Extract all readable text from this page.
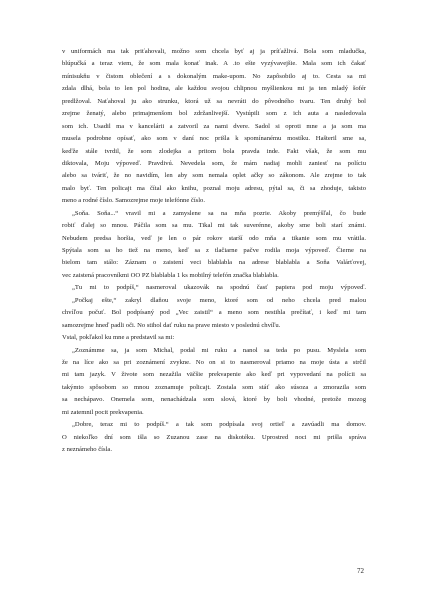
v uniformách ma tak priťahovali, možno som chcela byť aj ja príťažlivá. Bola som mladučka,
blúpučká a teraz viem, že som mala konať inak. A .to ešte vyzývavejšie. Mala som ich čakať
mínisukňu v čistom oblečení a s dokonalým make-upom. No zapôsobilo aj to. Cesta sa mi
zdala dlhá, bola to len pol hodina, ale každou svojou chlipnou myšlienkou mi ja ten mladý šofér
predlžoval. Naťahoval ju ako strunku, ktorá už sa nevráti do pôvodného tvaru. Ten druhý bol
zrejme ženatý, alebo primajmenšom bol zdržanlivejší. Vystúpili som z ich auta a nasledovala
som ich. Usadil ma v kancelárii a zatvoril za nami dvere. Sadol si oproti mne a ja som ma
musela podrobne opísať, ako som v daní noc prišla k spomínanému mostíku. Hašteril sme sa,
keďže stále tvrdil, že som zlodejka a pritom bola pravda inde. Fakt však, že som mu
diktovala, Moju výpoveď. Pravdivú. Nevedela som, že mám nadiaj mohli zaniesť na políciu
alebo sa tváriť, že no navidím, len aby som nemala oplet ačky so zákonom. Ale zrejme to tak
malo byť. Ten policajt ma čítal ako knihu, poznal moju adresu, pýtal sa, či sa zhoduje, takisto
meno a rodné číslo. Samozrejme moje telefónne číslo.
„Soňa. Soňa...“ vravil mi a zamyslene sa na mňa pozrie. Akoby premýšľal, čo bude
robiť ďalej so mnou. Páčila som sa mu. Tikal mi tak suverénne, akoby sme boli starí známi.
Nebudem predsa horšia, veď je len o pár rokov starší odo mňa a tikanie som mu vrátila.
Spýtala som sa ho tiež na meno, keď sa z tlačiarne pačve rodila moja výpoveď. Čierne na
bielom tam stálo: Záznam o zaistení veci blablabla na adrese blablabla a Soňa Valárťovej,
vec zaistená pracovníkmi OO PZ blablabla 1 ks mobilný telefón značka blablabla.
„Tu mi to podpíš,“ nasmeroval ukazovák na spodnú časť papiera pod moju výpoveď.
„Počkaj ešte,“ zakryl dlaňou svoje meno, ktoré som od neho chcela pred malou
chvíľou počuť. Bol podpísaný pod „Vec zaistil“ a meno som nestihla prečítať, i keď mi tam
samozrejme hneď padli oči. No stihol dať ruku na prave miesto v poslednú chvíľu.
Vstal, pokľakol ku mne a predstavil sa mi:
„Zoznámme sa, ja som Michal, podal mi ruku a nanol sa teda po pusu. Myslela som
že na líce ako sa pri zoznámení zvykne. No on si to nasmeroval priamo na moje ústa a strčil
mi tam jazyk. V živote som nezažila väčšie prekvapenie ako keď pri vypovedaní na polícii sa
takýmto spôsobom so mnou zoznamuje policajt. Zostala som stáť ako súsoza a zmorazila som
sa nechápavo. Onemela som, nenachádzala som slová, ktoré by boli vhodné, pretože mozog
mi zatemnil pocit prekvapenia.
„Dobre, teraz mi to podpíš.“ a tak som podpísala svoj ortieľ a zavúadli ma domov.
O niekoľko dní som išla so Zuzanou zase na diskotéku. Uprostred noci mi prišla správa
z neznámeho čísla.
72
